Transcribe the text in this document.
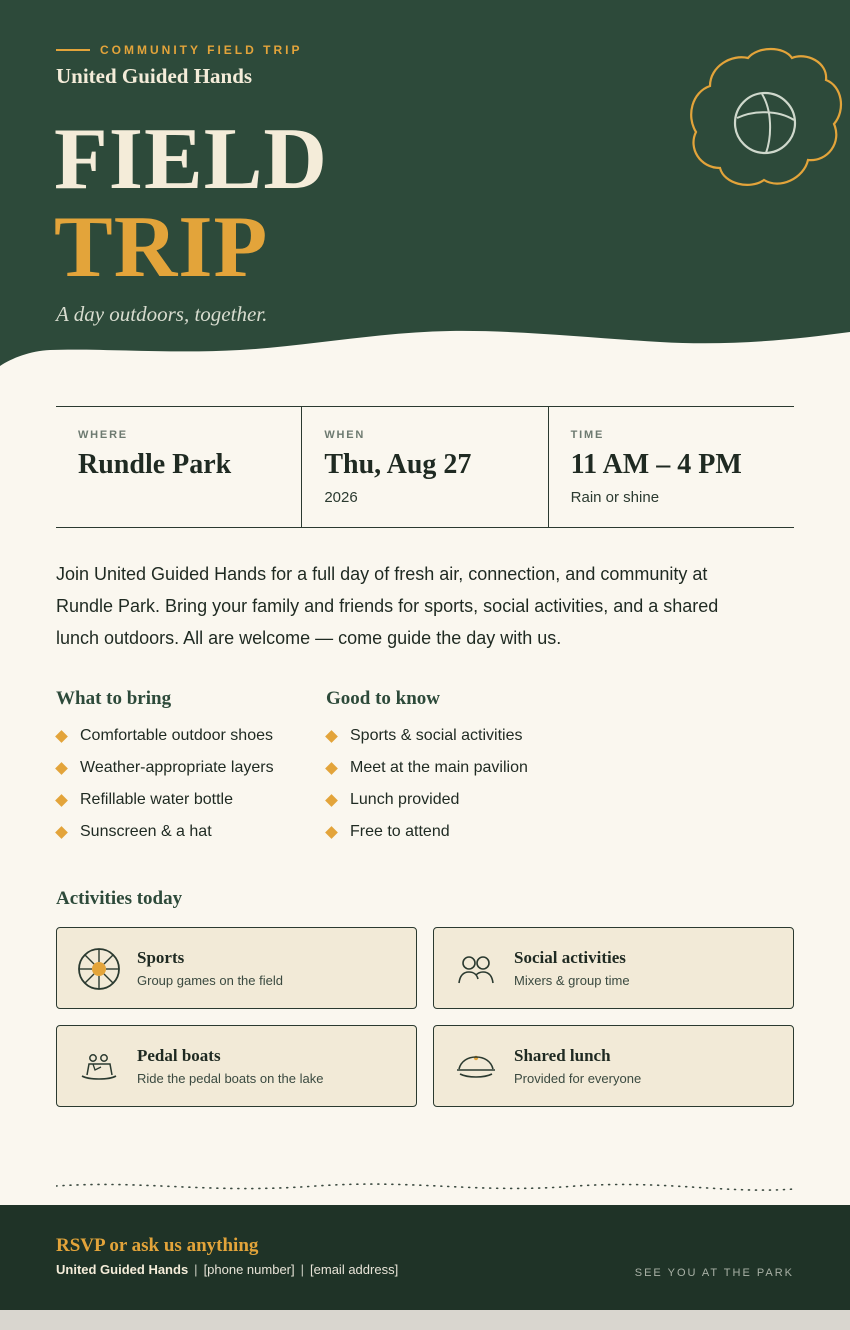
COMMUNITY FIELD TRIP
United Guided Hands
FIELD
TRIP
A day outdoors, together.
WHERE
Rundle Park
WHEN
Thu, Aug 27
2026
TIME
11 AM – 4 PM
Rain or shine

Join United Guided Hands for a full day of fresh air, connection, and community at Rundle Park. Bring your family and friends for sports, social activities, and a shared lunch outdoors. All are welcome — come guide the day with us.

What to bring
Comfortable outdoor shoes
Weather-appropriate layers
Refillable water bottle
Sunscreen & a hat
Good to know
Sports & social activities
Meet at the main pavilion
Lunch provided
Free to attend
Activities today
Sports
Group games on the field
Social activities
Mixers & group time
Pedal boats
Ride the pedal boats on the lake
Shared lunch
Provided for everyone
RSVP or ask us anything
United Guided Hands | [phone number] | [email address]	SEE YOU AT THE PARK
